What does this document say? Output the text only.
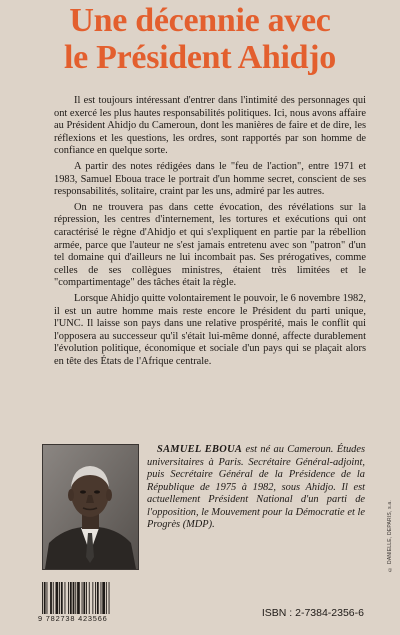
Une décennie avec
le Président Ahidjo

Il est toujours intéressant d'entrer dans l'intimité des personnages qui ont exercé les plus hautes responsabilités politiques. Ici, nous avons affaire au Président Ahidjo du Cameroun, dont les manières de faire et de dire, les réflexions et les questions, les ordres, sont rapportés par son homme de confiance en quelque sorte.

A partir des notes rédigées dans le "feu de l'action", entre 1971 et 1983, Samuel Eboua trace le portrait d'un homme secret, conscient de ses responsabilités, solitaire, craint par les uns, admiré par les autres.

On ne trouvera pas dans cette évocation, des révélations sur la répression, les centres d'internement, les tortures et exécutions qui ont caractérisé le règne d'Ahidjo et qui s'expliquent en partie par la rébellion armée, parce que l'auteur ne s'est jamais entretenu avec son "patron" d'un tel domaine qui d'ailleurs ne lui incombait pas. Ses prérogatives, comme celles de ses collègues ministres, étaient très limitées et le "compartimentage" des tâches était la règle.

Lorsque Ahidjo quitte volontairement le pouvoir, le 6 novembre 1982, il est un autre homme mais reste encore le Président du parti unique, l'UNC. Il laisse son pays dans une relative prospérité, mais le conflit qui l'opposera au successeur qu'il s'était lui-même donné, affecte durablement l'évolution politique, économique et sociale d'un pays qui se plaçait alors en tête des États de l'Afrique centrale.

SAMUEL EBOUA est né au Cameroun. Études universitaires à Paris. Secrétaire Général-adjoint, puis Secrétaire Général de la Présidence de la République de 1975 à 1982, sous Ahidjo. Il est actuellement Président National d'un parti de l'opposition, le Mouvement pour la Démocratie et le Progrès (MDP).	© DANIELLE, DEPARIS, s.a.
9 782738 423566	ISBN : 2-7384-2356-6
